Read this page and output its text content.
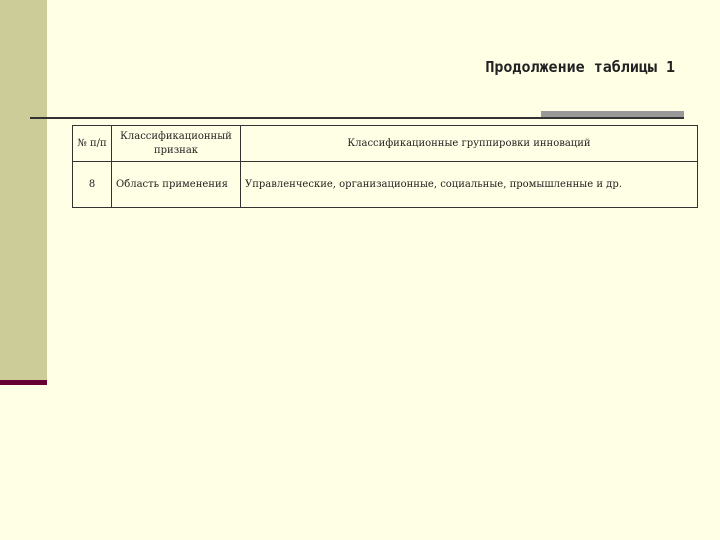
Продолжение таблицы 1
№ п/п	Классификационный признак	Классификационные группировки инноваций
8	Область применения	Управленческие, организационные, социальные, промышленные и др.
